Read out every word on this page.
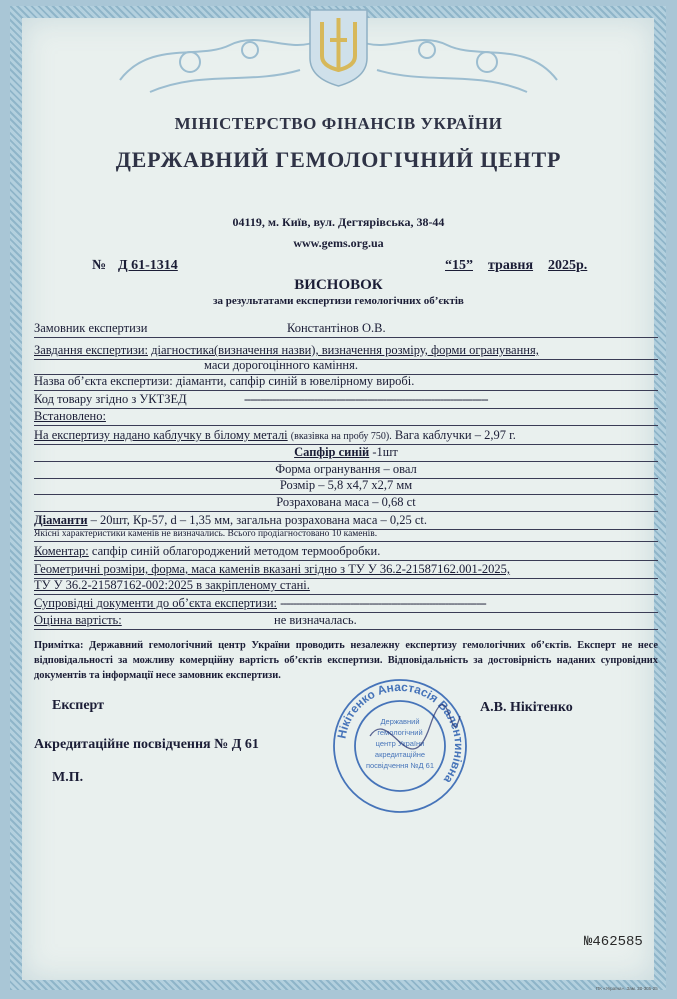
МІНІСТЕРСТВО ФІНАНСІВ УКРАЇНИ
ДЕРЖАВНИЙ ГЕМОЛОГІЧНИЙ ЦЕНТР
04119, м. Київ, вул. Дегтярівська, 38-44
www.gems.org.ua
№ Д 61-1314	“15” травня 2025р.
ВИСНОВОК
за результатами експертизи гемологічних об’єктів
Замовник експертизи	Константінов О.В.
Завдання експертизи: діагностика(визначення назви), визначення розміру, форми огранування,
маси дорогоцінного каміння.
Назва об’єкта експертизи: діаманти, сапфір синій в ювелірному виробі.
Код товару згідно з УКТЗЕД	-----------------------------------------------------------------------------
Встановлено:
На експертизу надано каблучку в білому металі (вказівка на пробу 750). Вага каблучки – 2,97 г.
Сапфір синій -1шт
Форма огранування – овал
Розмір – 5,8 х4,7 х2,7 мм
Розрахована маса – 0,68 ct
Діаманти – 20шт, Кр-57, d – 1,35 мм, загальна розрахована маса – 0,25 ct.
Якісні характеристики каменів не визначались. Всього продіагностовано 10 каменів.
Коментар: сапфір синій облагороджений методом термообробки.
Геометричні розміри, форма, маса каменів вказані згідно з ТУ У 36.2-21587162.001-2025,
ТУ У 36.2-21587162-002:2025 в закріпленому стані.
Супровідні документи до об’єкта експертизи: -----------------------------------------------------------------
Оцінна вартість:	не визначалась.
Примітка: Державний гемологічний центр України проводить незалежну експертизу гемологічних об’єктів. Експерт не несе відповідальності за можливу комерційну вартість об’єктів експертизи. Відповідальність за достовірність наданих супровідних документів та інформації несе замовник експертизи.
Експерт	А.В. Нікітенко
Акредитаційне посвідчення № Д 61
М.П.
Нікітенко Анастасія Валентинівна
Державний
гемологічний
центр України
акредитаційне
посвідчення №Д 61
№462585
ПК «Україна». Зам. 20-305-25
